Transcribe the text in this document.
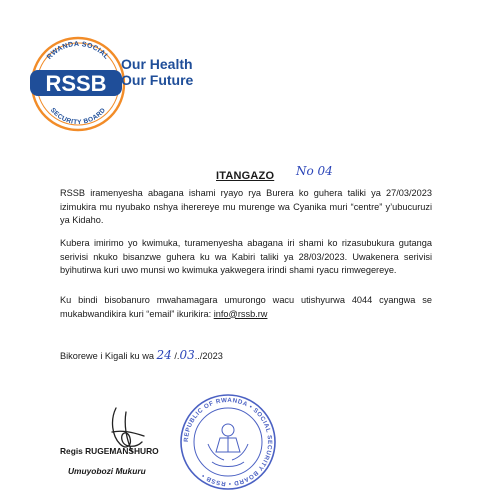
RWANDA SOCIAL
SECURITY BOARD
RSSB
Our Health
Our Future
ITANGAZO No 04
RSSB iramenyesha abagana ishami ryayo rya Burera ko guhera taliki ya 27/03/2023 izimukira mu nyubako nshya iherereye mu murenge wa Cyanika muri “centre” y’ubucuruzi ya Kidaho.
Kubera imirimo yo kwimuka, turamenyesha abagana iri shami ko rizasubukura gutanga serivisi nkuko bisanzwe guhera ku wa Kabiri taliki ya 28/03/2023. Uwakenera serivisi byihutirwa kuri uwo munsi wo kwimuka yakwegera irindi shami ryacu rimwegereye.
Ku bindi bisobanuro mwahamagara umurongo wacu utishyurwa 4044 cyangwa se mukabwandikira kuri “email” ikurikira: info@rssb.rw
Bikorewe i Kigali ku wa 24 /.03../2023
Regis RUGEMANSHURO
Umuyobozi Mukuru
REPUBLIC OF RWANDA • SOCIAL SECURITY BOARD • RSSB •
